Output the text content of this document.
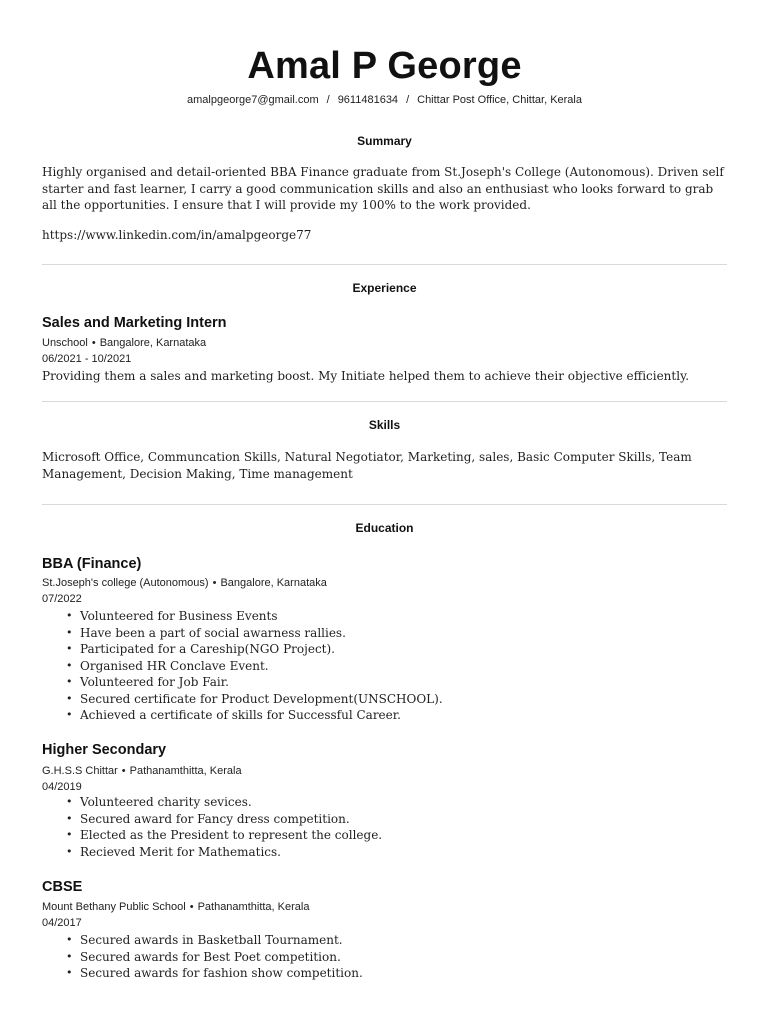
Amal P George
amalpgeorge7@gmail.com / 9611481634 / Chittar Post Office, Chittar, Kerala
Summary
Highly organised and detail-oriented BBA Finance graduate from St.Joseph's College (Autonomous). Driven self starter and fast learner, I carry a good communication skills and also an enthusiast who looks forward to grab all the opportunities. I ensure that I will provide my 100% to the work provided.
https://www.linkedin.com/in/amalpgeorge77
Experience
Sales and Marketing Intern
Unschool • Bangalore, Karnataka
06/2021 - 10/2021
Providing them a sales and marketing boost. My Initiate helped them to achieve their objective efficiently.
Skills
Microsoft Office, Communcation Skills, Natural Negotiator, Marketing, sales, Basic Computer Skills, Team Management, Decision Making, Time management
Education
BBA (Finance)
St.Joseph's college (Autonomous) • Bangalore, Karnataka
07/2022
• Volunteered for Business Events
• Have been a part of social awarness rallies.
• Participated for a Careship(NGO Project).
• Organised HR Conclave Event.
• Volunteered for Job Fair.
• Secured certificate for Product Development(UNSCHOOL).
• Achieved a certificate of skills for Successful Career.
Higher Secondary
G.H.S.S Chittar • Pathanamthitta, Kerala
04/2019
• Volunteered charity sevices.
• Secured award for Fancy dress competition.
• Elected as the President to represent the college.
• Recieved Merit for Mathematics.
CBSE
Mount Bethany Public School • Pathanamthitta, Kerala
04/2017
• Secured awards in Basketball Tournament.
• Secured awards for Best Poet competition.
• Secured awards for fashion show competition.
